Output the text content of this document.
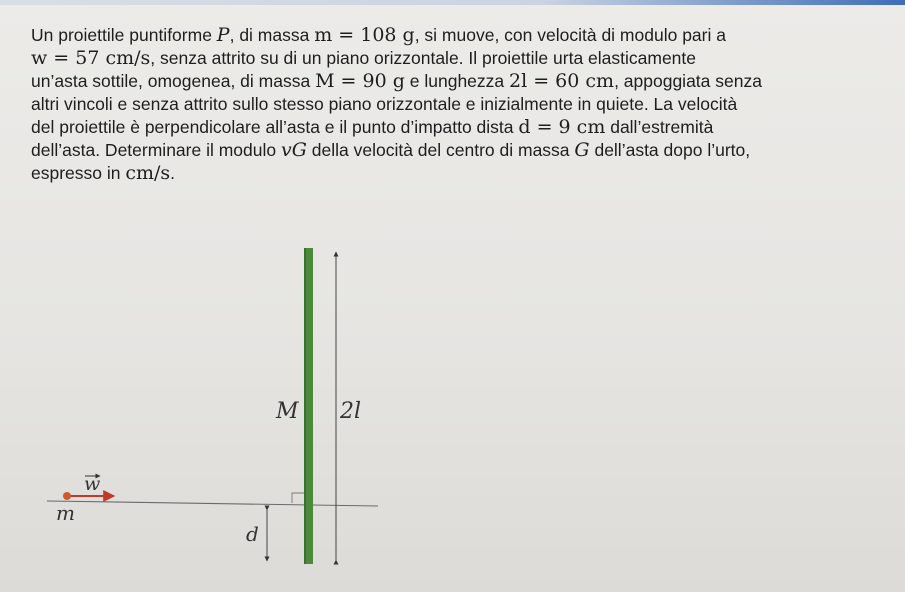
Un proiettile puntiforme P, di massa m = 108 g, si muove, con velocità di modulo pari a
w = 57 cm/s, senza attrito su di un piano orizzontale. Il proiettile urta elasticamente
un’asta sottile, omogenea, di massa M = 90 g e lunghezza 2l = 60 cm, appoggiata senza
altri vincoli e senza attrito sullo stesso piano orizzontale e inizialmente in quiete. La velocità
del proiettile è perpendicolare all’asta e il punto d’impatto dista d = 9 cm dall’estremità
dell’asta. Determinare il modulo vG della velocità del centro di massa G dell’asta dopo l’urto,
espresso in cm/s.

M 2l
w
m
d
